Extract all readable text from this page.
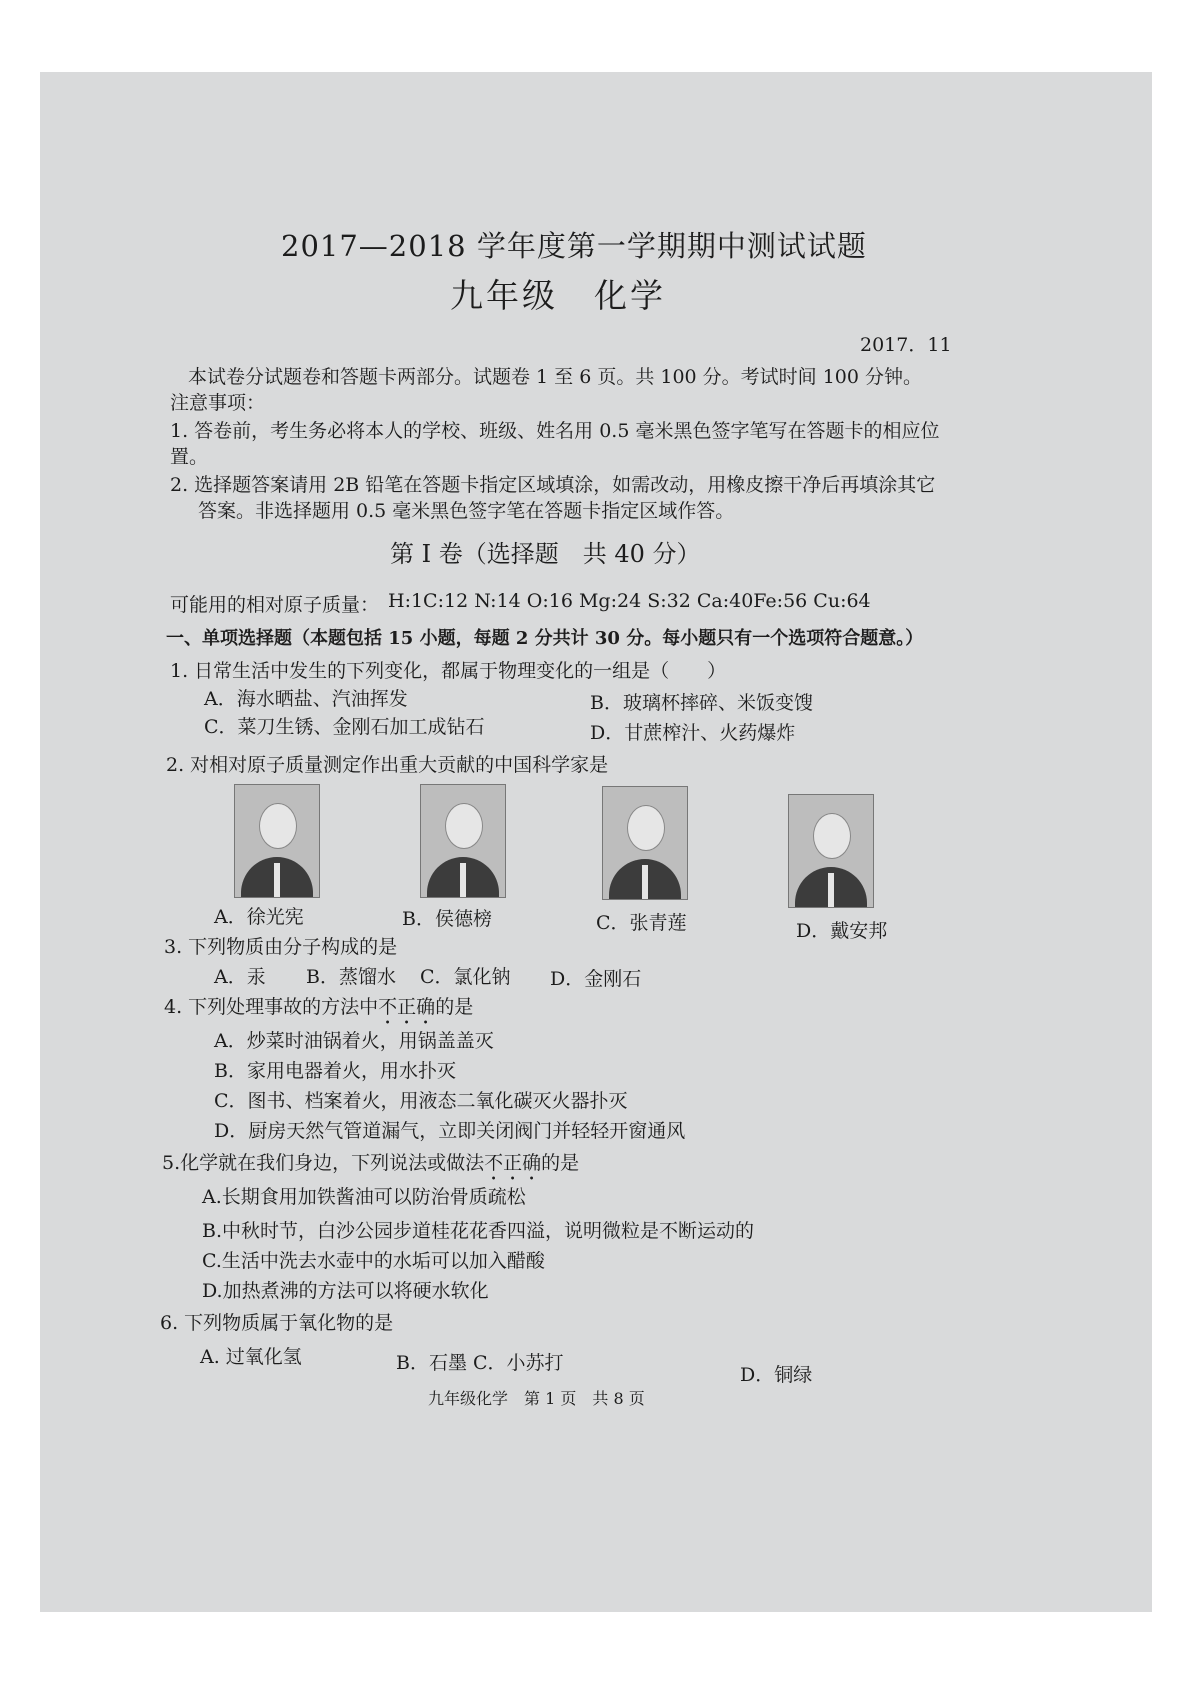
2017—2018 学年度第一学期期中测试试题
九年级　化学
2017．11
本试卷分试题卷和答题卡两部分。试题卷 1 至 6 页。共 100 分。考试时间 100 分钟。
注意事项：
1. 答卷前，考生务必将本人的学校、班级、姓名用 0.5 毫米黑色签字笔写在答题卡的相应位
置。
2. 选择题答案请用 2B 铅笔在答题卡指定区域填涂，如需改动，用橡皮擦干净后再填涂其它
答案。非选择题用 0.5 毫米黑色签字笔在答题卡指定区域作答。
第 I 卷（选择题　共 40 分）
可能用的相对原子质量： H:1C:12 N:14 O:16 Mg:24 S:32 Ca:40Fe:56 Cu:64
一、单项选择题（本题包括 15 小题，每题 2 分共计 30 分。每小题只有一个选项符合题意。）
1. 日常生活中发生的下列变化，都属于物理变化的一组是（　　）
A．海水晒盐、汽油挥发	B．玻璃杯摔碎、米饭变馊
C．菜刀生锈、金刚石加工成钻石	D．甘蔗榨汁、火药爆炸
2. 对相对原子质量测定作出重大贡献的中国科学家是
A．徐光宪	B．侯德榜	C．张青莲	D．戴安邦
3. 下列物质由分子构成的是
A．汞 B．蒸馏水 C．氯化钠 D．金刚石
4. 下列处理事故的方法中不正确的是
A．炒菜时油锅着火，用锅盖盖灭
B．家用电器着火，用水扑灭
C．图书、档案着火，用液态二氧化碳灭火器扑灭
D．厨房天然气管道漏气，立即关闭阀门并轻轻开窗通风
5.化学就在我们身边，下列说法或做法不正确的是
A.长期食用加铁酱油可以防治骨质疏松
B.中秋时节，白沙公园步道桂花花香四溢，说明微粒是不断运动的
C.生活中洗去水壶中的水垢可以加入醋酸
D.加热煮沸的方法可以将硬水软化
6. 下列物质属于氧化物的是
A. 过氧化氢	B．石墨 C．小苏打
D．铜绿
九年级化学　第 1 页　共 8 页
